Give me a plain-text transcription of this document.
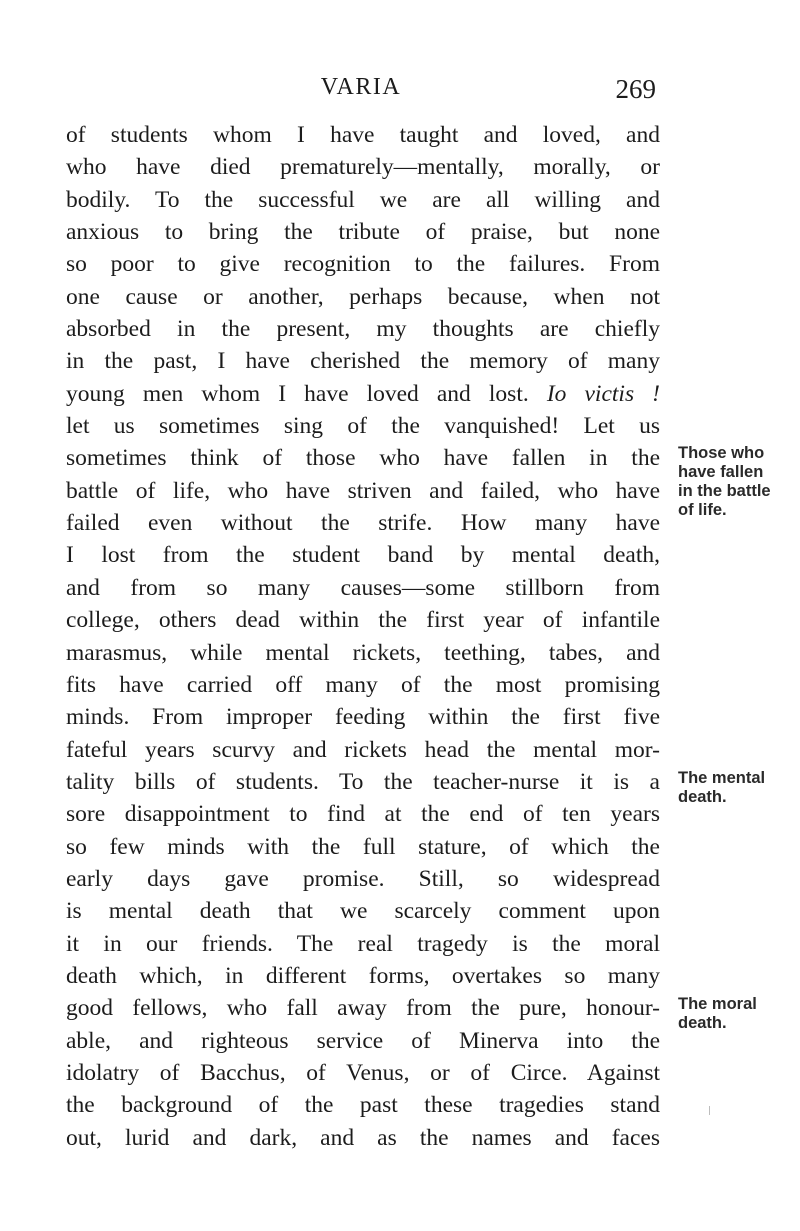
VARIA	269
of students whom I have taught and loved, and
who have died prematurely—mentally, morally, or
bodily. To the successful we are all willing and
anxious to bring the tribute of praise, but none
so poor to give recognition to the failures. From
one cause or another, perhaps because, when not
absorbed in the present, my thoughts are chiefly
in the past, I have cherished the memory of many
young men whom I have loved and lost. Io victis !
let us sometimes sing of the vanquished! Let us
sometimes think of those who have fallen in the
battle of life, who have striven and failed, who have
failed even without the strife. How many have
I lost from the student band by mental death,
and from so many causes—some stillborn from
college, others dead within the first year of infantile
marasmus, while mental rickets, teething, tabes, and
fits have carried off many of the most promising
minds. From improper feeding within the first five
fateful years scurvy and rickets head the mental mor-
tality bills of students. To the teacher-nurse it is a
sore disappointment to find at the end of ten years
so few minds with the full stature, of which the
early days gave promise. Still, so widespread
is mental death that we scarcely comment upon
it in our friends. The real tragedy is the moral
death which, in different forms, overtakes so many
good fellows, who fall away from the pure, honour-
able, and righteous service of Minerva into the
idolatry of Bacchus, of Venus, or of Circe. Against
the background of the past these tragedies stand
out, lurid and dark, and as the names and faces
Those who
have fallen
in the battle
of life.
The mental
death.
The moral
death.
